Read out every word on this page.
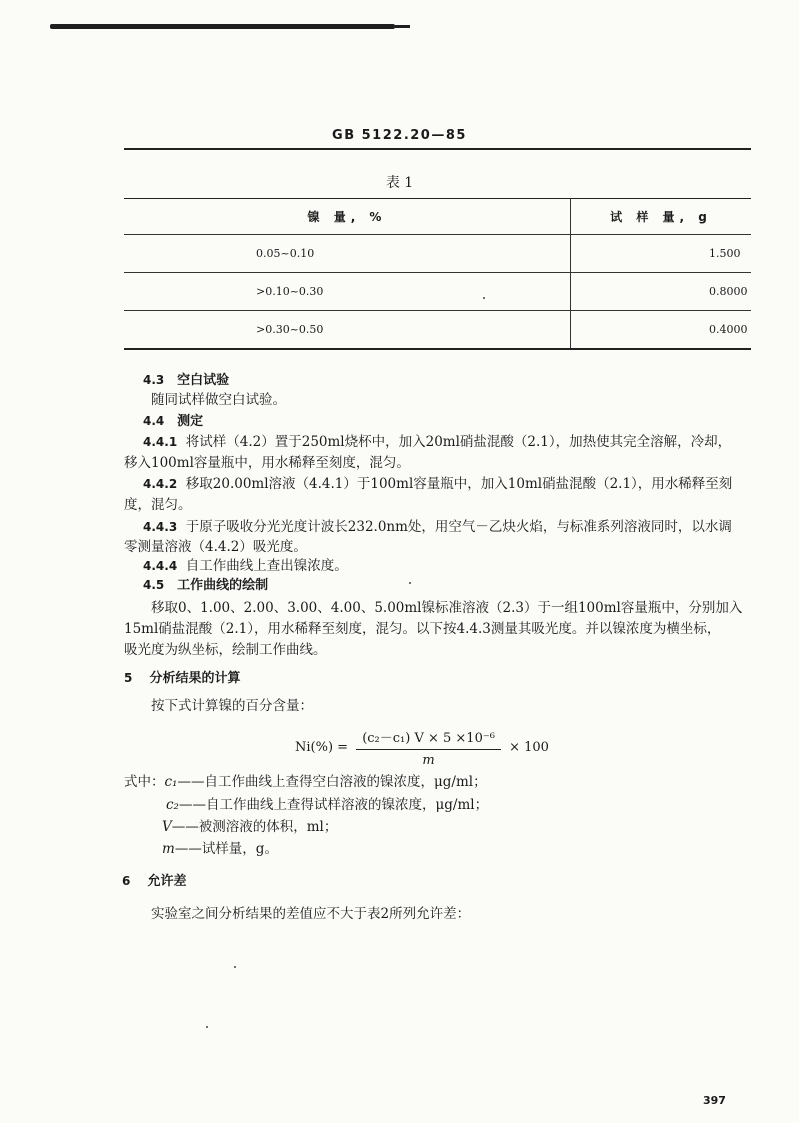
GB 5122.20—85
表 1
镍 量, %	试 样 量, g
0.05~0.10	1.500
>0.10~0.30	0.8000
>0.30~0.50	0.4000
4.3 空白试验
随同试样做空白试验。
4.4 测定
4.4.1 将试样（4.2）置于250ml烧杯中，加入20ml硝盐混酸（2.1），加热使其完全溶解，冷却，
移入100ml容量瓶中，用水稀释至刻度，混匀。
4.4.2 移取20.00ml溶液（4.4.1）于100ml容量瓶中，加入10ml硝盐混酸（2.1），用水稀释至刻
度，混匀。
4.4.3 于原子吸收分光光度计波长232.0nm处，用空气－乙炔火焰，与标准系列溶液同时，以水调
零测量溶液（4.4.2）吸光度。
4.4.4 自工作曲线上查出镍浓度。
4.5 工作曲线的绘制
移取0、1.00、2.00、3.00、4.00、5.00ml镍标准溶液（2.3）于一组100ml容量瓶中，分别加入
15ml硝盐混酸（2.1），用水稀释至刻度，混匀。以下按4.4.3测量其吸光度。并以镍浓度为横坐标，
吸光度为纵坐标，绘制工作曲线。
5 分析结果的计算
按下式计算镍的百分含量：
$Ni(\%) = \frac{\text{(c₂－c₁) V × 5 ×10⁻⁶}}{m} \times 100$
式中：c₁——自工作曲线上查得空白溶液的镍浓度，μg/ml；
c₂——自工作曲线上查得试样溶液的镍浓度，μg/ml；
V——被测溶液的体积，ml；
m——试样量，g。
6 允许差
实验室之间分析结果的差值应不大于表2所列允许差：
397
